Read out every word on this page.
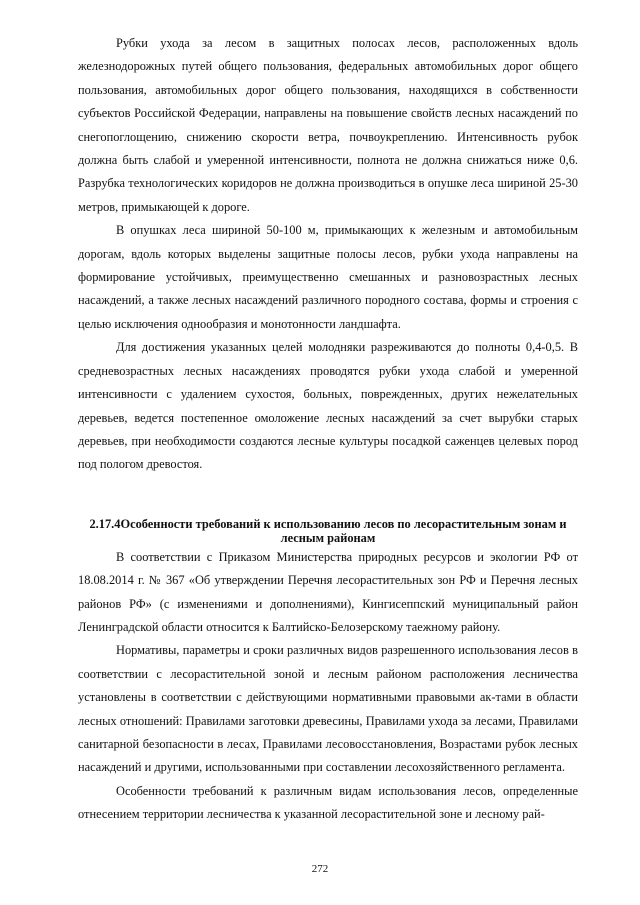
Рубки ухода за лесом в защитных полосах лесов, расположенных вдоль железнодорожных путей общего пользования, федеральных автомобильных дорог общего пользования, автомобильных дорог общего пользования, находящихся в собственности субъектов Российской Федерации, направлены на повышение свойств лесных насаждений по снегопоглощению, снижению скорости ветра, почвоукреплению. Интенсивность рубок должна быть слабой и умеренной интенсивности, полнота не должна снижаться ниже 0,6. Разрубка технологических коридоров не должна производиться в опушке леса шириной 25-30 метров, примыкающей к дороге.

В опушках леса шириной 50-100 м, примыкающих к железным и автомобильным дорогам, вдоль которых выделены защитные полосы лесов, рубки ухода направлены на формирование устойчивых, преимущественно смешанных и разновозрастных лесных насаждений, а также лесных насаждений различного породного состава, формы и строения с целью исключения однообразия и монотонности ландшафта.

Для достижения указанных целей молодняки разреживаются до полноты 0,4-0,5. В средневозрастных лесных насаждениях проводятся рубки ухода слабой и умеренной интенсивности с удалением сухостоя, больных, поврежденных, других нежелательных деревьев, ведется постепенное омоложение лесных насаждений за счет вырубки старых деревьев, при необходимости создаются лесные культуры посадкой саженцев целевых пород под пологом древостоя.

2.17.4Особенности требований к использованию лесов по лесорастительным зонам и лесным районам

В соответствии с Приказом Министерства природных ресурсов и экологии РФ от 18.08.2014 г. № 367 «Об утверждении Перечня лесорастительных зон РФ и Перечня лесных районов РФ» (с изменениями и дополнениями), Кингисеппский муниципальный район Ленинградской области относится к Балтийско-Белозерскому таежному району.

Нормативы, параметры и сроки различных видов разрешенного использования лесов в соответствии с лесорастительной зоной и лесным районом расположения лесничества установлены в соответствии с действующими нормативными правовыми ак-тами в области лесных отношений: Правилами заготовки древесины, Правилами ухода за лесами, Правилами санитарной безопасности в лесах, Правилами лесовосстановления, Возрастами рубок лесных насаждений и другими, использованными при составлении лесохозяйственного регламента.

Особенности требований к различным видам использования лесов, определенные отнесением территории лесничества к указанной лесорастительной зоне и лесному рай-

272
